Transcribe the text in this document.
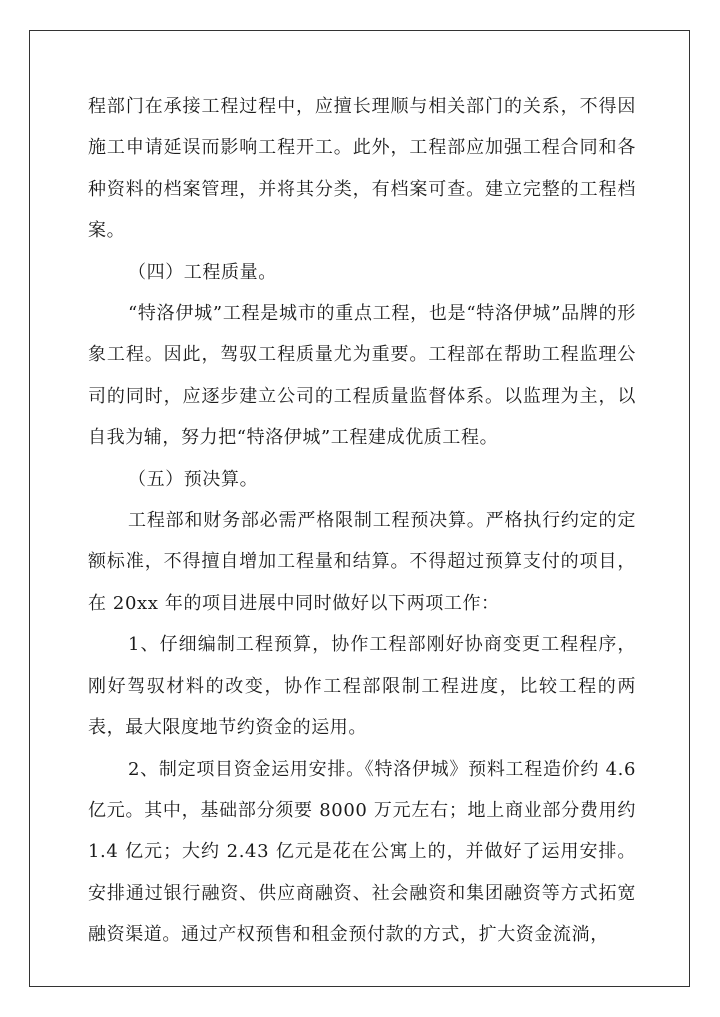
程部门在承接工程过程中，应擅长理顺与相关部门的关系，不得因施工申请延误而影响工程开工。此外，工程部应加强工程合同和各种资料的档案管理，并将其分类，有档案可查。建立完整的工程档案。

（四）工程质量。

“特洛伊城”工程是城市的重点工程，也是“特洛伊城”品牌的形象工程。因此，驾驭工程质量尤为重要。工程部在帮助工程监理公司的同时，应逐步建立公司的工程质量监督体系。以监理为主，以自我为辅，努力把“特洛伊城”工程建成优质工程。

（五）预决算。

工程部和财务部必需严格限制工程预决算。严格执行约定的定额标准，不得擅自增加工程量和结算。不得超过预算支付的项目，在 20xx 年的项目进展中同时做好以下两项工作：

1、仔细编制工程预算，协作工程部刚好协商变更工程程序，刚好驾驭材料的改变，协作工程部限制工程进度，比较工程的两表，最大限度地节约资金的运用。

2、制定项目资金运用安排。《特洛伊城》预料工程造价约 4.6亿元。其中，基础部分须要 8000 万元左右；地上商业部分费用约1.4 亿元；大约 2.43 亿元是花在公寓上的，并做好了运用安排。安排通过银行融资、供应商融资、社会融资和集团融资等方式拓宽融资渠道。通过产权预售和租金预付款的方式，扩大资金流淌，
